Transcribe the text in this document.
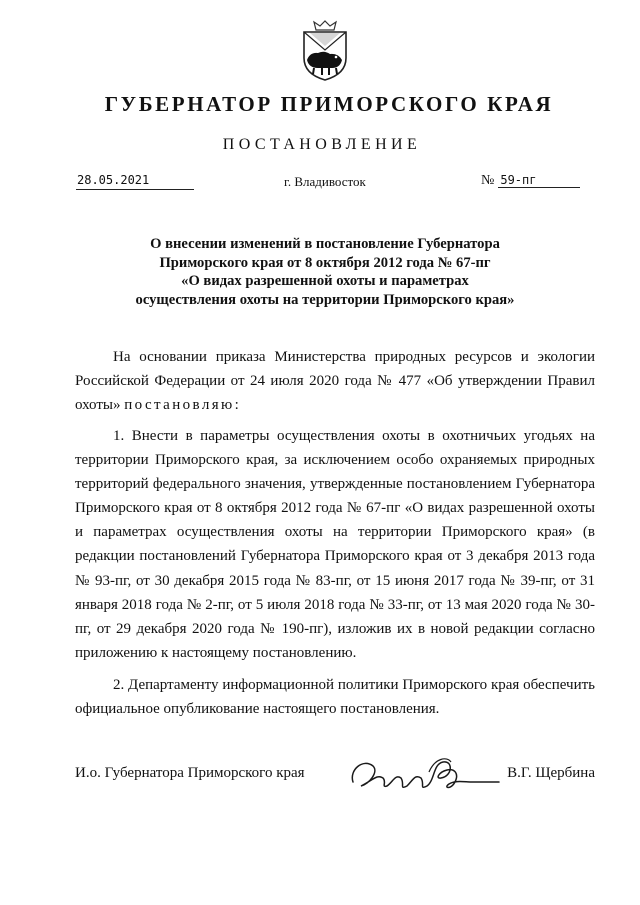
ГУБЕРНАТОР ПРИМОРСКОГО КРАЯ
ПОСТАНОВЛЕНИЕ
28.05.2021	г. Владивосток	№ 59-пг
О внесении изменений в постановление Губернатора
Приморского края от 8 октября 2012 года № 67-пг
«О видах разрешенной охоты и параметрах
осуществления охоты на территории Приморского края»
На основании приказа Министерства природных ресурсов и экологии Российской Федерации от 24 июля 2020 года № 477 «Об утверждении Правил охоты» постановляю:
1. Внести в параметры осуществления охоты в охотничьих угодьях на территории Приморского края, за исключением особо охраняемых природных территорий федерального значения, утвержденные постановлением Губернатора Приморского края от 8 октября 2012 года № 67-пг «О видах разрешенной охоты и параметрах осуществления охоты на территории Приморского края» (в редакции постановлений Губернатора Приморского края от 3 декабря 2013 года № 93-пг, от 30 декабря 2015 года № 83-пг, от 15 июня 2017 года № 39-пг, от 31 января 2018 года № 2-пг, от 5 июля 2018 года № 33-пг, от 13 мая 2020 года № 30-пг, от 29 декабря 2020 года № 190-пг), изложив их в новой редакции согласно приложению к настоящему постановлению.
2. Департаменту информационной политики Приморского края обеспечить официальное опубликование настоящего постановления.
И.о. Губернатора Приморского края	В.Г. Щербина
